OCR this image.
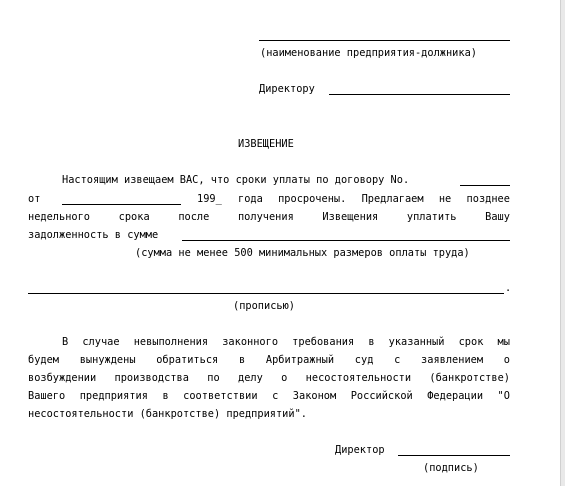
(наименование предприятия-должника)
Директору
ИЗВЕЩЕНИЕ
Настоящим извещаем ВАС, что сроки уплаты по договору No.
от	199_ года просрочены. Предлагаем не позднее
недельного	срока	после	получения	Извещения	уплатить	Вашу
задолженность в сумме
(сумма не менее 500 минимальных размеров оплаты труда)
.
(прописью)
В случае невыполнения законного требования в указанный срок мы
будем вынуждены обратиться в Арбитражный суд с заявлением о
возбуждении производства по делу о несостоятельности (банкротстве)
Вашего предприятия в соответствии с Законом Российской Федерации "О
несостоятельности (банкротстве) предприятий".
Директор
(подпись)
